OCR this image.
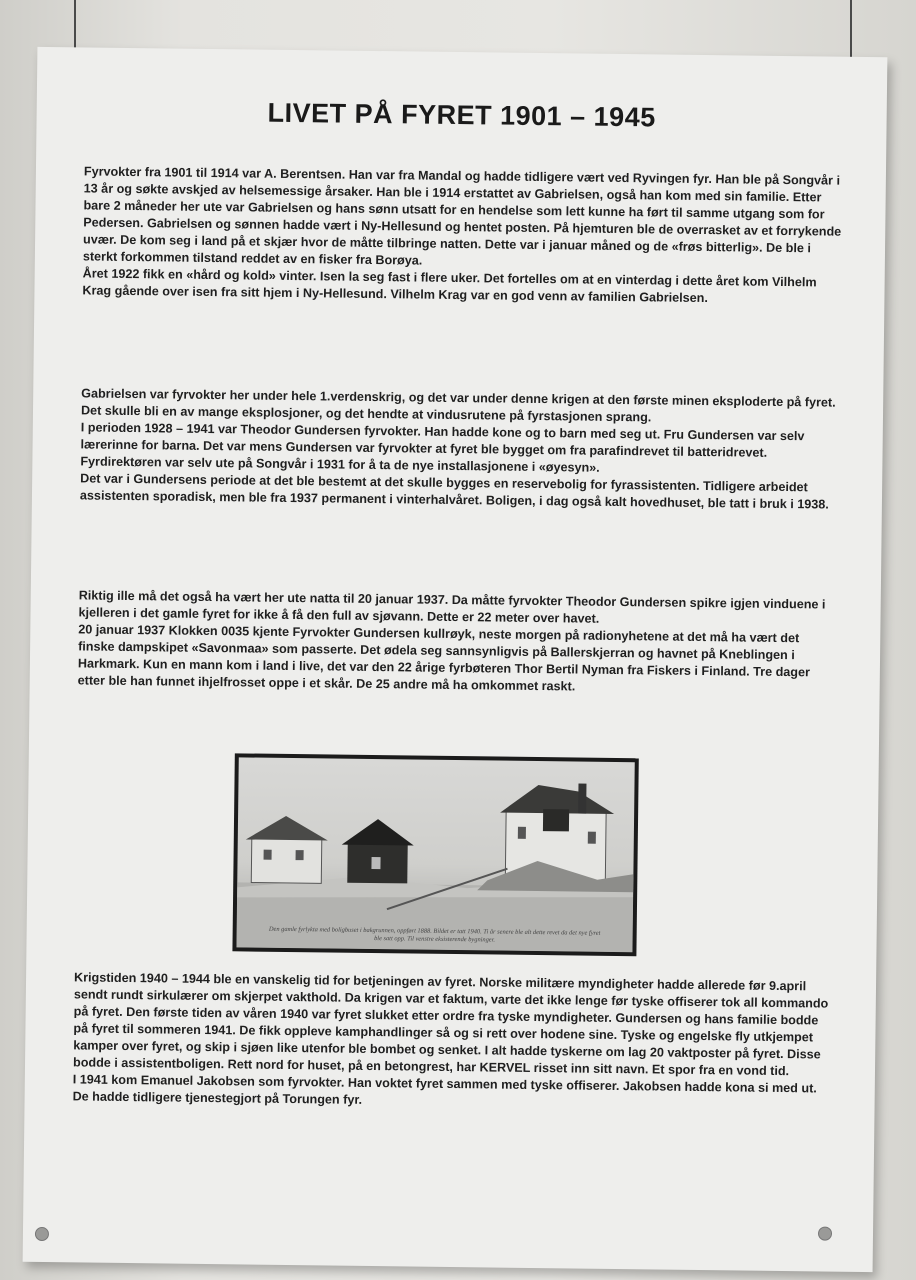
LIVET PÅ FYRET 1901 – 1945

Fyrvokter fra 1901 til 1914 var A. Berentsen. Han var fra Mandal og hadde tidligere vært ved Ryvingen fyr. Han ble på Songvår i 13 år og søkte avskjed av helsemessige årsaker. Han ble i 1914 erstattet av Gabrielsen, også han kom med sin familie. Etter bare 2 måneder her ute var Gabrielsen og hans sønn utsatt for en hendelse som lett kunne ha ført til samme utgang som for Pedersen. Gabrielsen og sønnen hadde vært i Ny-Hellesund og hentet posten. På hjemturen ble de overrasket av et forrykende uvær. De kom seg i land på et skjær hvor de måtte tilbringe natten. Dette var i januar måned og de «frøs bitterlig». De ble i sterkt forkommen tilstand reddet av en fisker fra Borøya.

Året 1922 fikk en «hård og kold» vinter. Isen la seg fast i flere uker. Det fortelles om at en vinterdag i dette året kom Vilhelm Krag gående over isen fra sitt hjem i Ny-Hellesund. Vilhelm Krag var en god venn av familien Gabrielsen.

Gabrielsen var fyrvokter her under hele 1.verdenskrig, og det var under denne krigen at den første minen eksploderte på fyret. Det skulle bli en av mange eksplosjoner, og det hendte at vindusrutene på fyrstasjonen sprang.

I perioden 1928 – 1941 var Theodor Gundersen fyrvokter. Han hadde kone og to barn med seg ut. Fru Gundersen var selv lærerinne for barna. Det var mens Gundersen var fyrvokter at fyret ble bygget om fra parafindrevet til batteridrevet. Fyrdirektøren var selv ute på Songvår i 1931 for å ta de nye installasjonene i «øyesyn».

Det var i Gundersens periode at det ble bestemt at det skulle bygges en reservebolig for fyrassistenten. Tidligere arbeidet assistenten sporadisk, men ble fra 1937 permanent i vinterhalvåret. Boligen, i dag også kalt hovedhuset, ble tatt i bruk i 1938.

Riktig ille må det også ha vært her ute natta til 20 januar 1937. Da måtte fyrvokter Theodor Gundersen spikre igjen vinduene i kjelleren i det gamle fyret for ikke å få den full av sjøvann. Dette er 22 meter over havet.

20 januar 1937 Klokken 0035 kjente Fyrvokter Gundersen kullrøyk, neste morgen på radionyhetene at det må ha vært det finske dampskipet «Savonmaa» som passerte. Det ødela seg sannsynligvis på Ballerskjerran og havnet på Kneblingen i Harkmark. Kun en mann kom i land i live, det var den 22 årige fyrbøteren Thor Bertil Nyman fra Fiskers i Finland. Tre dager etter ble han funnet ihjelfrosset oppe i et skår. De 25 andre må ha omkommet raskt.

Den gamle fyrlykta med boligbuset i bakgrunnen, oppført 1888. Bildet er tatt 1940. Ti år senere ble alt dette revet da det nye fyret ble satt opp. Til venstre eksisterende bygninger.

Krigstiden 1940 – 1944 ble en vanskelig tid for betjeningen av fyret. Norske militære myndigheter hadde allerede før 9.april sendt rundt sirkulærer om skjerpet vakthold. Da krigen var et faktum, varte det ikke lenge før tyske offiserer tok all kommando på fyret. Den første tiden av våren 1940 var fyret slukket etter ordre fra tyske myndigheter. Gundersen og hans familie bodde på fyret til sommeren 1941. De fikk oppleve kamphandlinger så og si rett over hodene sine. Tyske og engelske fly utkjempet kamper over fyret, og skip i sjøen like utenfor ble bombet og senket. I alt hadde tyskerne om lag 20 vaktposter på fyret. Disse bodde i assistentboligen. Rett nord for huset, på en betongrest, har KERVEL risset inn sitt navn. Et spor fra en vond tid.

I 1941 kom Emanuel Jakobsen som fyrvokter. Han voktet fyret sammen med tyske offiserer. Jakobsen hadde kona si med ut. De hadde tidligere tjenestegjort på Torungen fyr.
